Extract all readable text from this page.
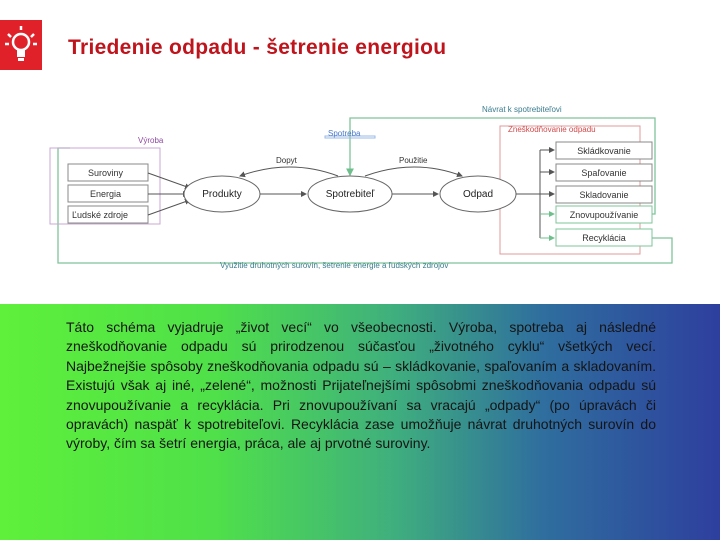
Triedenie odpadu - šetrenie energiou
Výroba
Spotreba	Zneškodňovanie odpadu
Návrat k spotrebiteľovi
Využitie druhotných surovín, šetrenie energie a ľudských zdrojov
Suroviny
Energia
Ľudské zdroje
Produkty	Spotrebiteľ	Odpad
Dopyt	Použitie
Skládkovanie
Spaľovanie
Skladovanie
Znovupoužívanie
Recyklácia
Táto schéma vyjadruje „život vecí“ vo všeobecnosti. Výroba, spotreba aj následné zneškodňovanie odpadu sú prirodzenou súčasťou „životného cyklu“ všetkých vecí. Najbežnejšie spôsoby zneškodňovania odpadu sú – skládkovanie, spaľovaním a skladovaním. Existujú však aj iné, „zelené“, možnosti Prijateľnejšími spôsobmi zneškodňovania odpadu sú znovupoužívanie a recyklácia. Pri znovupoužívaní sa vracajú „odpady“ (po úpravách či opravách) naspäť k spotrebiteľovi. Recyklácia zase umožňuje návrat druhotných surovín do výroby, čím sa šetrí energia, práca, ale aj prvotné suroviny.
